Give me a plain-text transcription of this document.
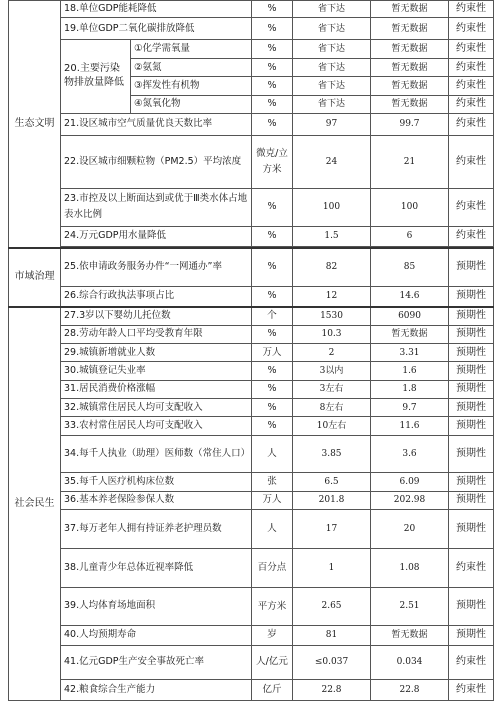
生态文明	18.单位GDP能耗降低		%	省下达	暂无数据	约束性
	19.单位GDP二氧化碳排放降低		%	省下达	暂无数据	约束性
	20.主要污染物排放量降低	①化学需氧量	%	省下达	暂无数据	约束性
		②氨氮	%	省下达	暂无数据	约束性
		③挥发性有机物	%	省下达	暂无数据	约束性
		④氮氧化物	%	省下达	暂无数据	约束性
	21.设区城市空气质量优良天数比率		%	97	99.7	约束性
	22.设区城市细颗粒物（PM2.5）平均浓度		微克/立方米	24	21	约束性
	23.市控及以上断面达到或优于Ⅲ类水体占地表水比例		%	100	100	约束性
	24.万元GDP用水量降低		%	1.5	6	约束性

市域治理	25.依申请政务服务办件“一网通办”率		%	82	85	预期性
	26.综合行政执法事项占比		%	12	14.6	预期性
社会民生	27.3岁以下婴幼儿托位数		个	1530	6090	预期性
	28.劳动年龄人口平均受教育年限		%	10.3	暂无数据	预期性
	29.城镇新增就业人数		万人	2	3.31	预期性
	30.城镇登记失业率		%	3以内	1.6	预期性
	31.居民消费价格涨幅		%	3左右	1.8	预期性
	32.城镇常住居民人均可支配收入		%	8左右	9.7	预期性
	33.农村常住居民人均可支配收入		%	10左右	11.6	预期性
	34.每千人执业（助理）医师数（常住人口）		人	3.85	3.6	预期性
	35.每千人医疗机构床位数		张	6.5	6.09	预期性
	36.基本养老保险参保人数		万人	201.8	202.98	预期性
	37.每万老年人拥有持证养老护理员数		人	17	20	预期性
	38.儿童青少年总体近视率降低		百分点	1	1.08	约束性
	39.人均体育场地面积		平方米	2.65	2.51	预期性
	40.人均预期寿命		岁	81	暂无数据	预期性
	41.亿元GDP生产安全事故死亡率		人/亿元	≤0.037	0.034	约束性
	42.粮食综合生产能力		亿斤	22.8	22.8	约束性
